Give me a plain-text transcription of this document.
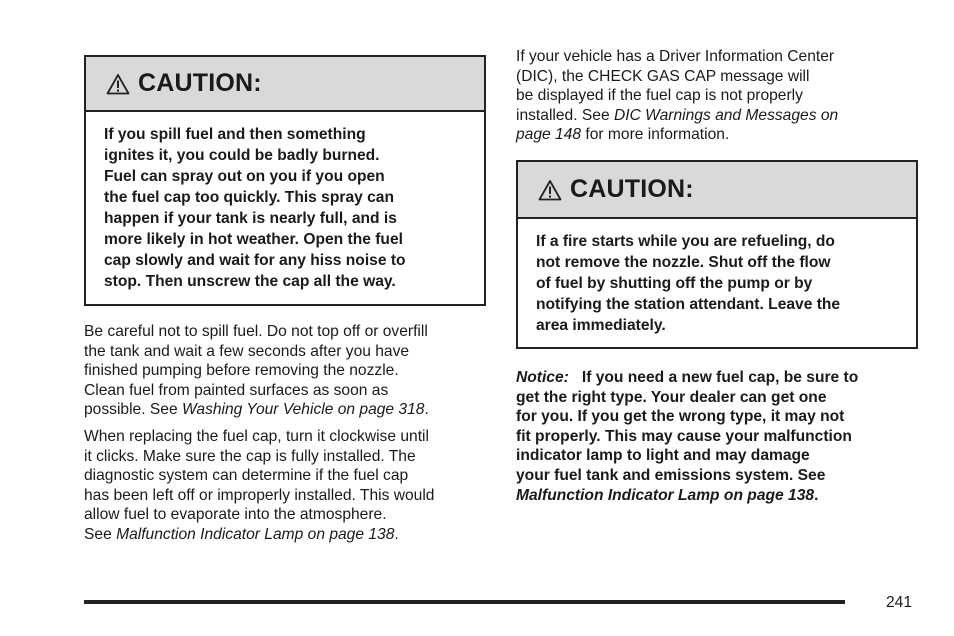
CAUTION:
If you spill fuel and then something
ignites it, you could be badly burned.
Fuel can spray out on you if you open
the fuel cap too quickly. This spray can
happen if your tank is nearly full, and is
more likely in hot weather. Open the fuel
cap slowly and wait for any hiss noise to
stop. Then unscrew the cap all the way.
Be careful not to spill fuel. Do not top off or overfill
the tank and wait a few seconds after you have
finished pumping before removing the nozzle.
Clean fuel from painted surfaces as soon as
possible. See Washing Your Vehicle on page 318.
When replacing the fuel cap, turn it clockwise until
it clicks. Make sure the cap is fully installed. The
diagnostic system can determine if the fuel cap
has been left off or improperly installed. This would
allow fuel to evaporate into the atmosphere.
See Malfunction Indicator Lamp on page 138.
If your vehicle has a Driver Information Center
(DIC), the CHECK GAS CAP message will
be displayed if the fuel cap is not properly
installed. See DIC Warnings and Messages on
page 148 for more information.
CAUTION:
If a fire starts while you are refueling, do
not remove the nozzle. Shut off the flow
of fuel by shutting off the pump or by
notifying the station attendant. Leave the
area immediately.
Notice: If you need a new fuel cap, be sure to
get the right type. Your dealer can get one
for you. If you get the wrong type, it may not
fit properly. This may cause your malfunction
indicator lamp to light and may damage
your fuel tank and emissions system. See
Malfunction Indicator Lamp on page 138.
241
